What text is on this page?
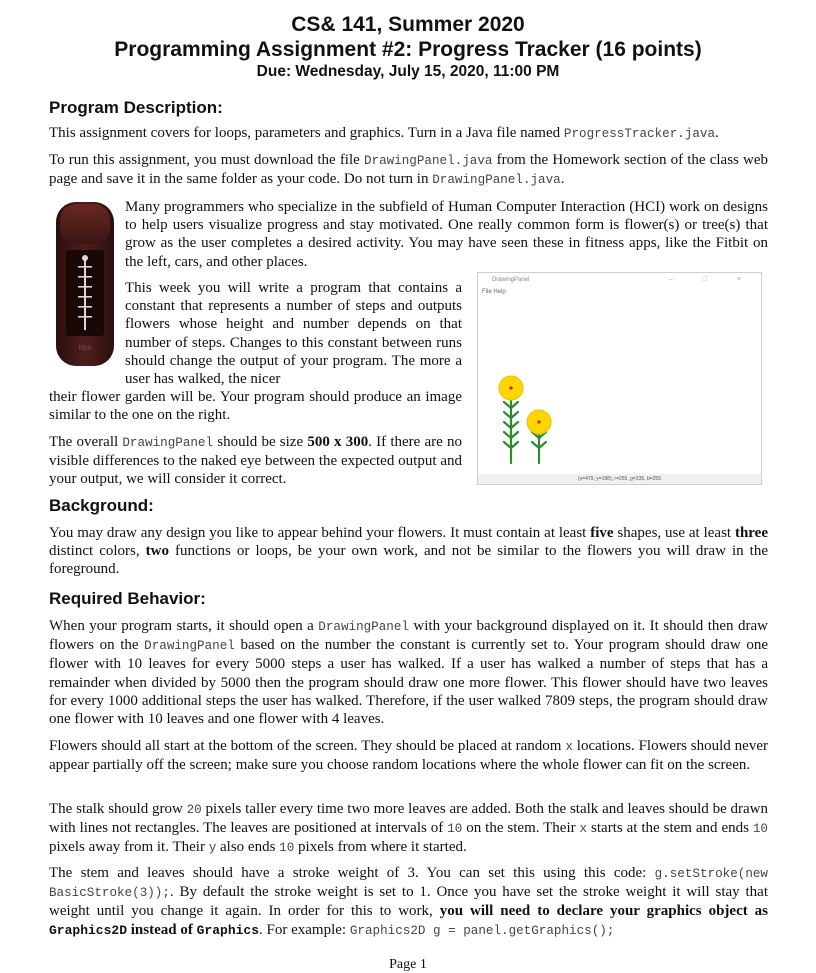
CS& 141, Summer 2020
Programming Assignment #2: Progress Tracker (16 points)
Due: Wednesday, July 15, 2020, 11:00 PM
Program Description:
This assignment covers for loops, parameters and graphics. Turn in a Java file named ProgressTracker.java.
To run this assignment, you must download the file DrawingPanel.java from the Homework section of the class web page and save it in the same folder as your code. Do not turn in DrawingPanel.java.
fitbit
Many programmers who specialize in the subfield of Human Computer Interaction (HCI) work on designs to help users visualize progress and stay motivated. One really common form is flower(s) or tree(s) that grow as the user completes a desired activity. You may have seen these in fitness apps, like the Fitbit on the left, cars, and other places.
This week you will write a program that contains a constant that represents a number of steps and outputs flowers whose height and number depends on that number of steps. Changes to this constant between runs should change the output of your program. The more a user has walked, the nicer
their flower garden will be. Your program should produce an image similar to the one on the right.
The overall DrawingPanel should be size 500 x 300. If there are no visible differences to the naked eye between the expected output and your output, we will consider it correct.
DrawingPanel	– □ ×
File Help
(x=479, y=188), r=255, g=235, b=255
Background:
You may draw any design you like to appear behind your flowers. It must contain at least five shapes, use at least three distinct colors, two functions or loops, be your own work, and not be similar to the flowers you will draw in the foreground.
Required Behavior:
When your program starts, it should open a DrawingPanel with your background displayed on it. It should then draw flowers on the DrawingPanel based on the number the constant is currently set to. Your program should draw one flower with 10 leaves for every 5000 steps a user has walked. If a user has walked a number of steps that has a remainder when divided by 5000 then the program should draw one more flower. This flower should have two leaves for every 1000 additional steps the user has walked. Therefore, if the user walked 7809 steps, the program should draw one flower with 10 leaves and one flower with 4 leaves.
Flowers should all start at the bottom of the screen. They should be placed at random x locations. Flowers should never appear partially off the screen; make sure you choose random locations where the whole flower can fit on the screen.
The stalk should grow 20 pixels taller every time two more leaves are added. Both the stalk and leaves should be drawn with lines not rectangles. The leaves are positioned at intervals of 10 on the stem. Their x starts at the stem and ends 10 pixels away from it. Their y also ends 10 pixels from where it started.
The stem and leaves should have a stroke weight of 3. You can set this using this code: g.setStroke(new BasicStroke(3));. By default the stroke weight is set to 1. Once you have set the stroke weight it will stay that weight until you change it again. In order for this to work, you will need to declare your graphics object as Graphics2D instead of Graphics. For example: Graphics2D g = panel.getGraphics();
Page 1
